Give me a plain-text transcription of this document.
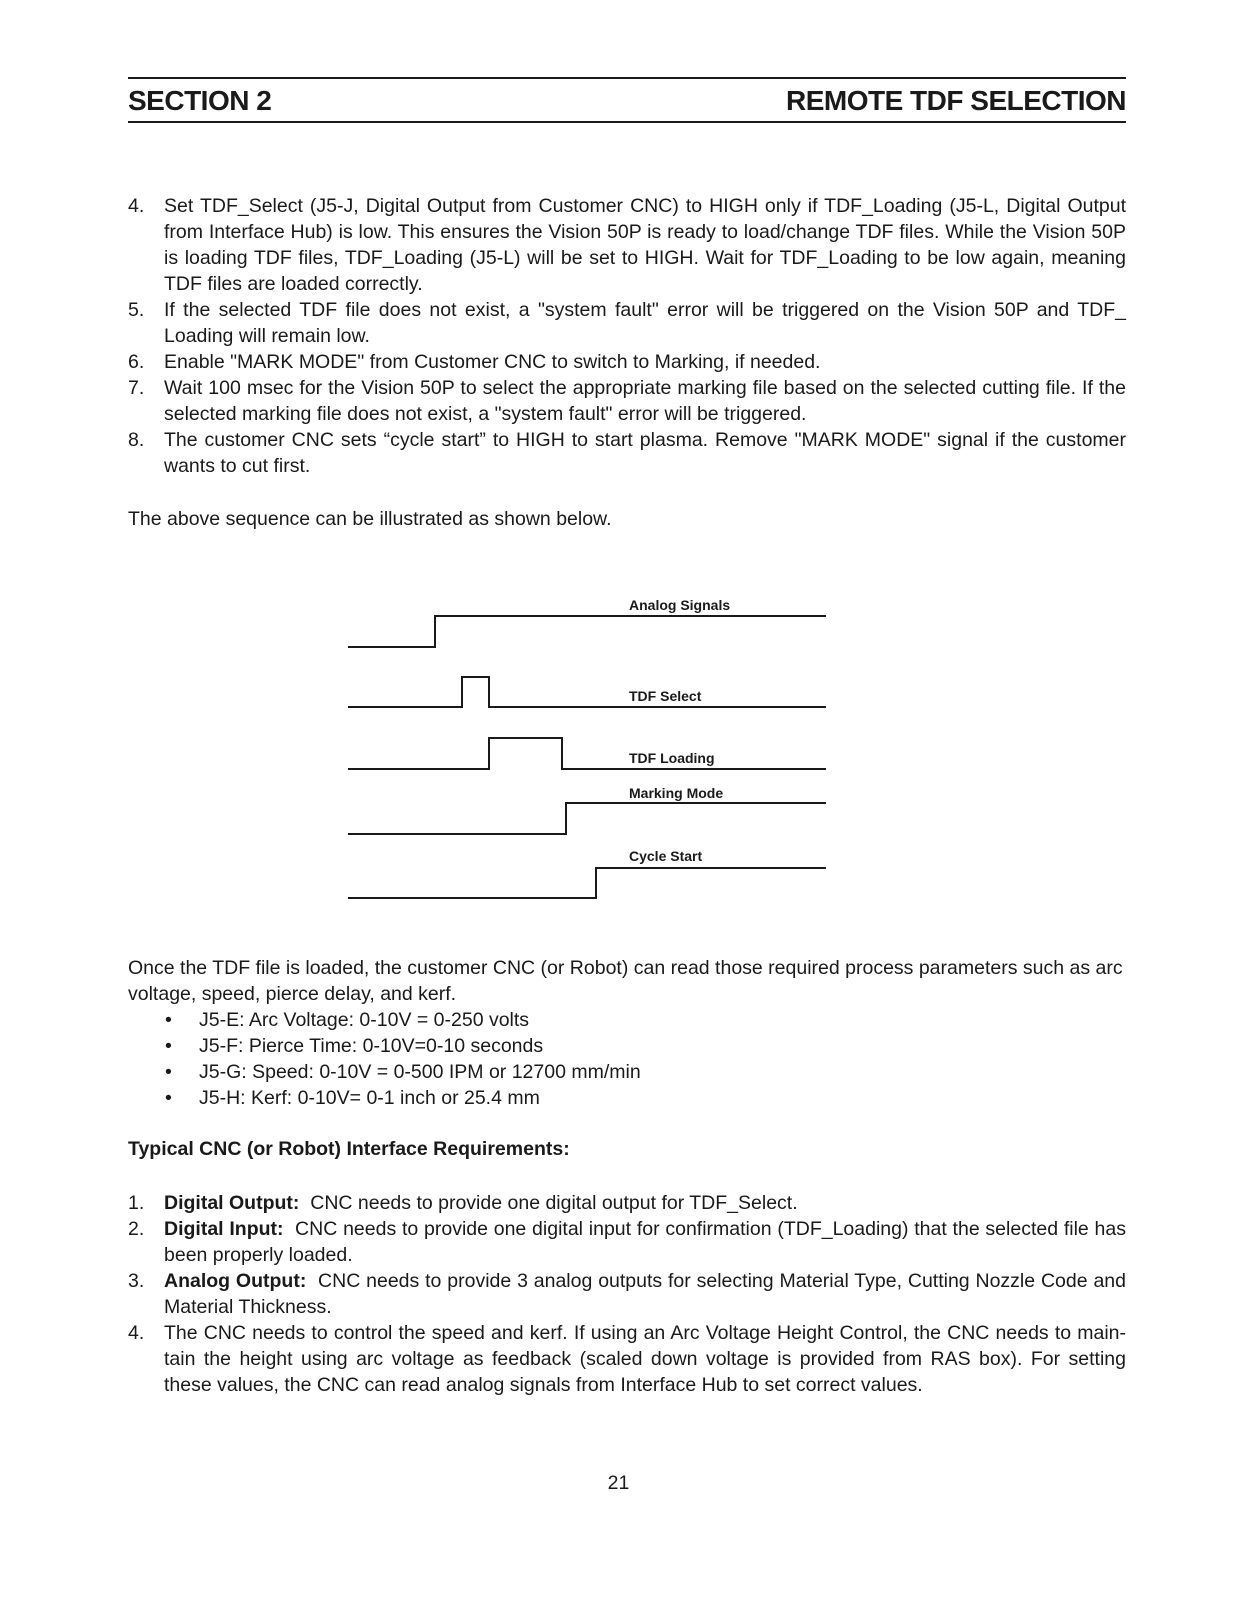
SECTION 2	REMOTE TDF SELECTION
4. Set TDF_Select (J5-J, Digital Output from Customer CNC) to HIGH only if TDF_Loading (J5-L, Digital Output from Interface Hub) is low. This ensures the Vision 50P is ready to load/change TDF files. While the Vision 50P is loading TDF files, TDF_Loading (J5-L) will be set to HIGH. Wait for TDF_Loading to be low again, meaning TDF files are loaded correctly.
5. If the selected TDF file does not exist, a "system fault" error will be triggered on the Vision 50P and TDF_ Loading will remain low.
6. Enable "MARK MODE" from Customer CNC to switch to Marking, if needed.
7. Wait 100 msec for the Vision 50P to select the appropriate marking file based on the selected cutting file. If the selected marking file does not exist, a "system fault" error will be triggered.
8. The customer CNC sets “cycle start” to HIGH to start plasma. Remove "MARK MODE" signal if the customer wants to cut first.

The above sequence can be illustrated as shown below.

Analog Signals
TDF Select
TDF Loading
Marking Mode
Cycle Start

Once the TDF file is loaded, the customer CNC (or Robot) can read those required process parameters such as arc voltage, speed, pierce delay, and kerf.

• J5-E: Arc Voltage: 0-10V = 0-250 volts
• J5-F: Pierce Time: 0-10V=0-10 seconds
• J5-G: Speed: 0-10V = 0-500 IPM or 12700 mm/min
• J5-H: Kerf: 0-10V= 0-1 inch or 25.4 mm

Typical CNC (or Robot) Interface Requirements:

1. Digital Output: CNC needs to provide one digital output for TDF_Select.
2. Digital Input: CNC needs to provide one digital input for confirmation (TDF_Loading) that the selected file has been properly loaded.
3. Analog Output: CNC needs to provide 3 analog outputs for selecting Material Type, Cutting Nozzle Code and Material Thickness.
4. The CNC needs to control the speed and kerf. If using an Arc Voltage Height Control, the CNC needs to main-tain the height using arc voltage as feedback (scaled down voltage is provided from RAS box). For setting these values, the CNC can read analog signals from Interface Hub to set correct values.
21
